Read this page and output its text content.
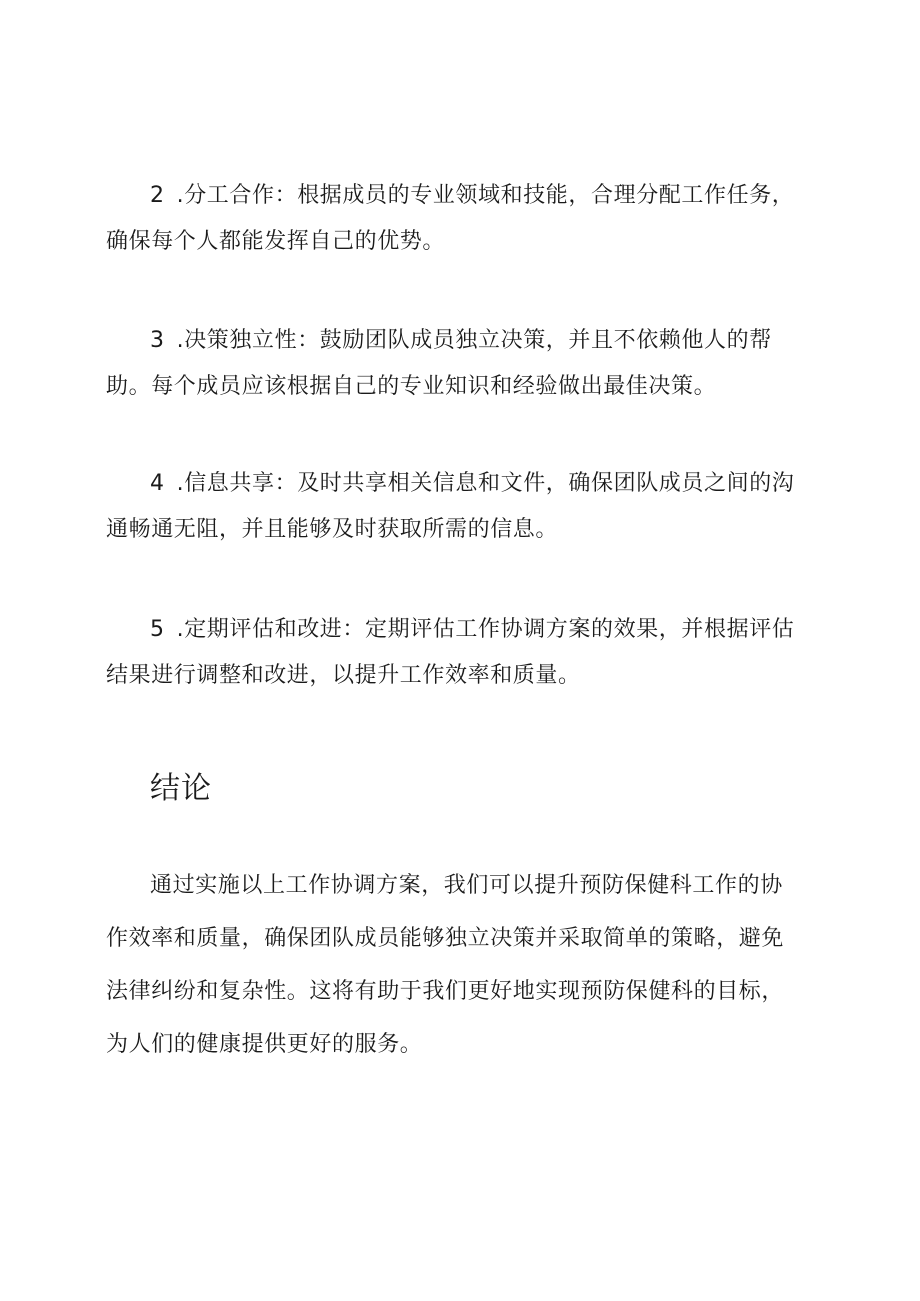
2 .分工合作：根据成员的专业领域和技能，合理分配工作任务，
确保每个人都能发挥自己的优势。
3 .决策独立性：鼓励团队成员独立决策，并且不依赖他人的帮
助。每个成员应该根据自己的专业知识和经验做出最佳决策。
4 .信息共享：及时共享相关信息和文件，确保团队成员之间的沟
通畅通无阻，并且能够及时获取所需的信息。
5 .定期评估和改进：定期评估工作协调方案的效果，并根据评估
结果进行调整和改进，以提升工作效率和质量。
结论
通过实施以上工作协调方案，我们可以提升预防保健科工作的协
作效率和质量，确保团队成员能够独立决策并采取简单的策略，避免
法律纠纷和复杂性。这将有助于我们更好地实现预防保健科的目标，
为人们的健康提供更好的服务。
